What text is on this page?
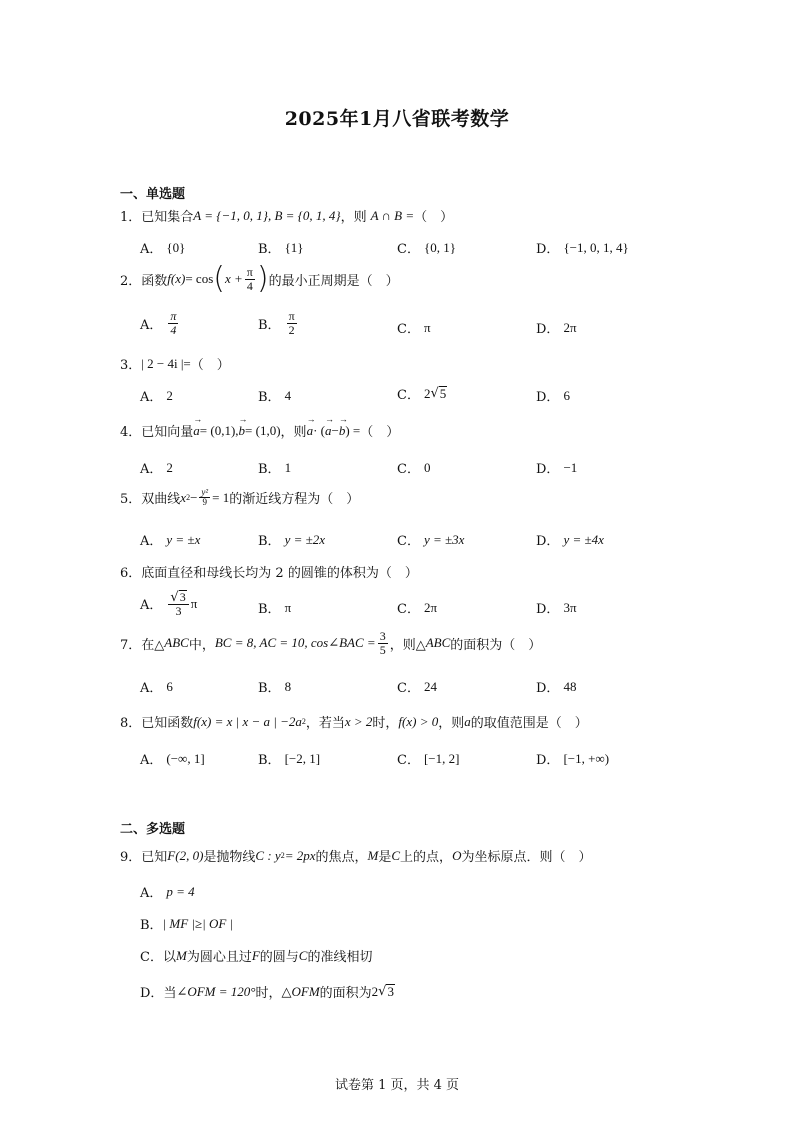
2025年1月八省联考数学
一、单选题
1． 已知集合 A = {−1, 0, 1}, B = {0, 1, 4} ，则 A ∩ B = （　）
A． {0}	B． {1}	C． {0, 1}	D． {−1, 0, 1, 4}
2． 函数 f(x) = cos ( $x + \frac{\pi}{4}$ ) 的最小正周期是（　）
A． $\frac{\pi}{4}$	B． $\frac{\pi}{2}$	C． π	D． 2π
3． | 2 − 4i |= （　）
A． 2	B． 4	C． 2 √ 5	D． 6
4． 已知向量 → a = (0,1), → b = (1,0) ，则 → a · ( → a − → b ) = （　）
A． 2	B． 1	C． 0	D． −1
5． 双曲线 x $2 - \frac{\text{y²}}{9} = 1$ 的渐近线方程为（　）
A． y = ±x	B． y = ±2x	C． y = ±3x	D． y = ±4x
6． 底面直径和母线长均为 2 的圆锥的体积为（　）
A． $\frac{√ 3}{3}$ π	B． π	C． 2π	D． 3π
7． 在△ ABC 中， BC = 8, AC = 10, cos∠BAC = $\frac{3}{5}$ ，则△ ABC 的面积为（　）
A． 6	B． 8	C． 24	D． 48
8． 已知函数 f(x) = x | x − a | −2a 2 ，若当 x > 2 时， f(x) > 0 ，则 a 的取值范围是（　）
A． (−∞, 1]	B． [−2, 1]	C． [−1, 2]	D． [−1, +∞)
二、多选题
9． 已知 F(2, 0) 是抛物线 C : y 2 = 2px 的焦点， M 是 C 上的点， O 为坐标原点．则（　）
A． p = 4
B． | MF |≥| OF |
C． 以 M 为圆心且过 F 的圆与 C 的准线相切
D． 当 ∠OFM = 120° 时， △OFM 的面积为 2 √ 3
试卷第 1 页，共 4 页
